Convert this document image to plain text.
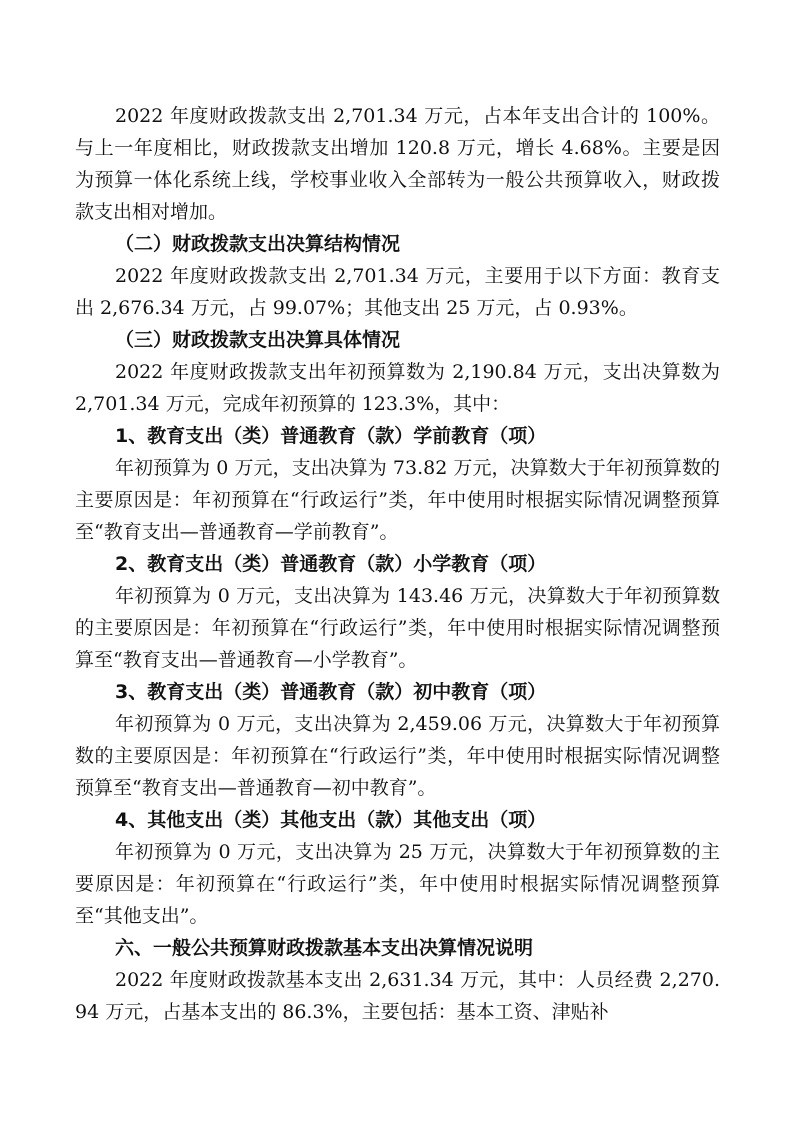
2022 年度财政拨款支出 2,701.34 万元，占本年支出合计的 100%。与上一年度相比，财政拨款支出增加 120.8 万元，增长 4.68%。主要是因为预算一体化系统上线，学校事业收入全部转为一般公共预算收入，财政拨款支出相对增加。

（二）财政拨款支出决算结构情况

2022 年度财政拨款支出 2,701.34 万元，主要用于以下方面：教育支出 2,676.34 万元，占 99.07%；其他支出 25 万元，占 0.93%。

（三）财政拨款支出决算具体情况

2022 年度财政拨款支出年初预算数为 2,190.84 万元，支出决算数为 2,701.34 万元，完成年初预算的 123.3%，其中：

1、教育支出（类）普通教育（款）学前教育（项）

年初预算为 0 万元，支出决算为 73.82 万元，决算数大于年初预算数的主要原因是：年初预算在“行政运行”类，年中使用时根据实际情况调整预算至“教育支出—普通教育—学前教育”。

2、教育支出（类）普通教育（款）小学教育（项）

年初预算为 0 万元，支出决算为 143.46 万元，决算数大于年初预算数的主要原因是：年初预算在“行政运行”类，年中使用时根据实际情况调整预算至“教育支出—普通教育—小学教育”。

3、教育支出（类）普通教育（款）初中教育（项）

年初预算为 0 万元，支出决算为 2,459.06 万元，决算数大于年初预算数的主要原因是：年初预算在“行政运行”类，年中使用时根据实际情况调整预算至“教育支出—普通教育—初中教育”。

4、其他支出（类）其他支出（款）其他支出（项）

年初预算为 0 万元，支出决算为 25 万元，决算数大于年初预算数的主要原因是：年初预算在“行政运行”类，年中使用时根据实际情况调整预算至“其他支出”。

六、一般公共预算财政拨款基本支出决算情况说明

2022 年度财政拨款基本支出 2,631.34 万元，其中：人员经费 2,270.94 万元，占基本支出的 86.3%，主要包括：基本工资、津贴补
